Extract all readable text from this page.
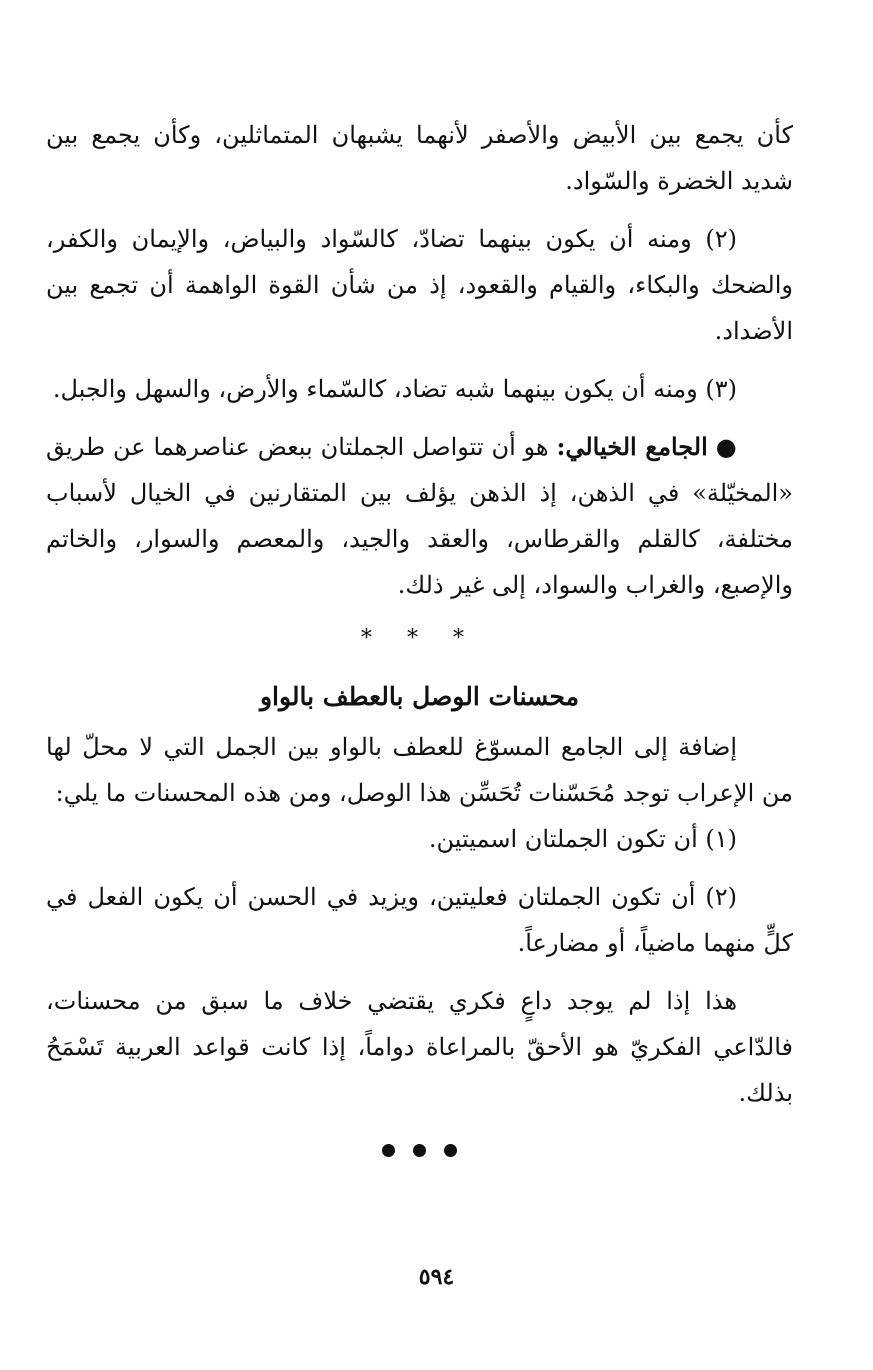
كأن يجمع بين الأبيض والأصفر لأنهما يشبهان المتماثلين، وكأن يجمع بين شديد الخضرة والسّواد.

(٢) ومنه أن يكون بينهما تضادّ، كالسّواد والبياض، والإيمان والكفر، والضحك والبكاء، والقيام والقعود، إذ من شأن القوة الواهمة أن تجمع بين الأضداد.

(٣) ومنه أن يكون بينهما شبه تضاد، كالسّماء والأرض، والسهل والجبل.

● الجامع الخيالي: هو أن تتواصل الجملتان ببعض عناصرهما عن طريق «المخيّلة» في الذهن، إذ الذهن يؤلف بين المتقارنين في الخيال لأسباب مختلفة، كالقلم والقرطاس، والعقد والجيد، والمعصم والسوار، والخاتم والإصبع، والغراب والسواد، إلى غير ذلك.

* * *
محسنات الوصل بالعطف بالواو

إضافة إلى الجامع المسوّغ للعطف بالواو بين الجمل التي لا محلّ لها من الإعراب توجد مُحَسّنات تُحَسِّن هذا الوصل، ومن هذه المحسنات ما يلي:

(١) أن تكون الجملتان اسميتين.

(٢) أن تكون الجملتان فعليتين، ويزيد في الحسن أن يكون الفعل في كلٍّ منهما ماضياً، أو مضارعاً.

هذا إذا لم يوجد داعٍ فكري يقتضي خلاف ما سبق من محسنات، فالدّاعي الفكريّ هو الأحقّ بالمراعاة دواماً، إذا كانت قواعد العربية تَسْمَحُ بذلك.

٥٩٤
